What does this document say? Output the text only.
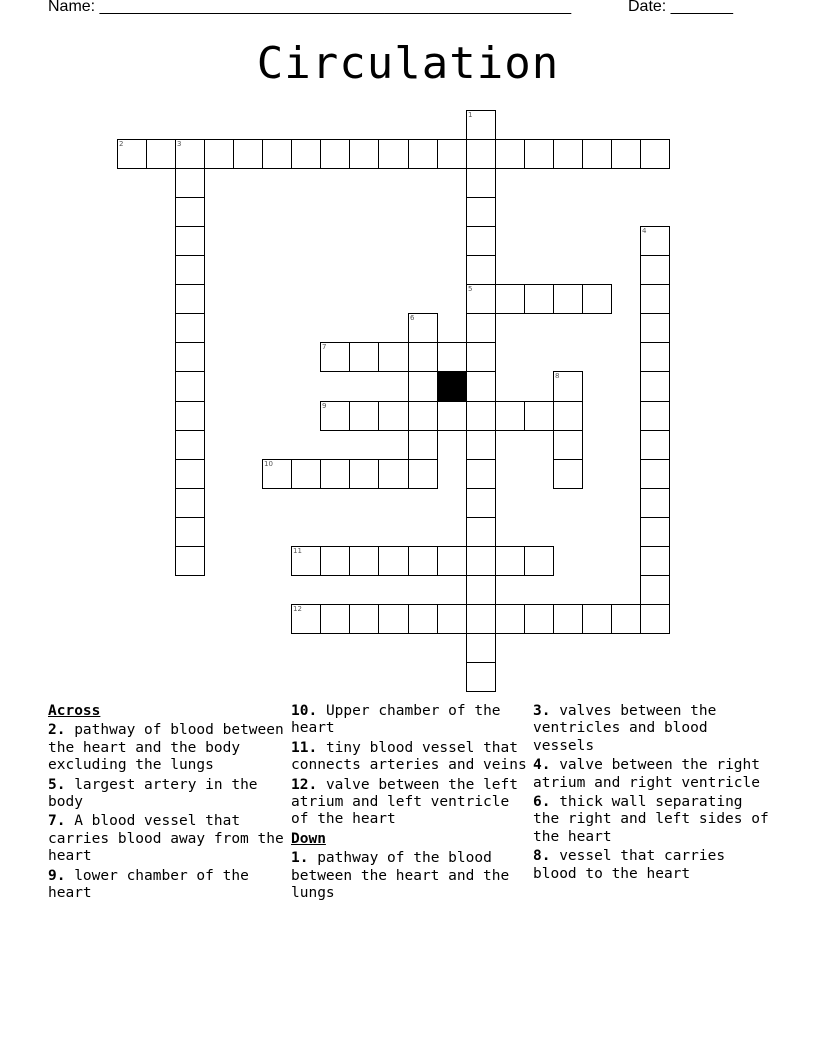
Name: _____________________________________________________	Date: _______
Circulation
2	3
5
7
9
10
11
12
1
4
6
8
Across
2. pathway of blood between the heart and the body excluding the lungs
5. largest artery in the body
7. A blood vessel that carries blood away from the heart
9. lower chamber of the heart
10. Upper chamber of the heart
11. tiny blood vessel that connects arteries and veins
12. valve between the left atrium and left ventricle of the heart
Down
1. pathway of the blood between the heart and the lungs
3. valves between the ventricles and blood vessels
4. valve between the right atrium and right ventricle
6. thick wall separating the right and left sides of the heart
8. vessel that carries blood to the heart
